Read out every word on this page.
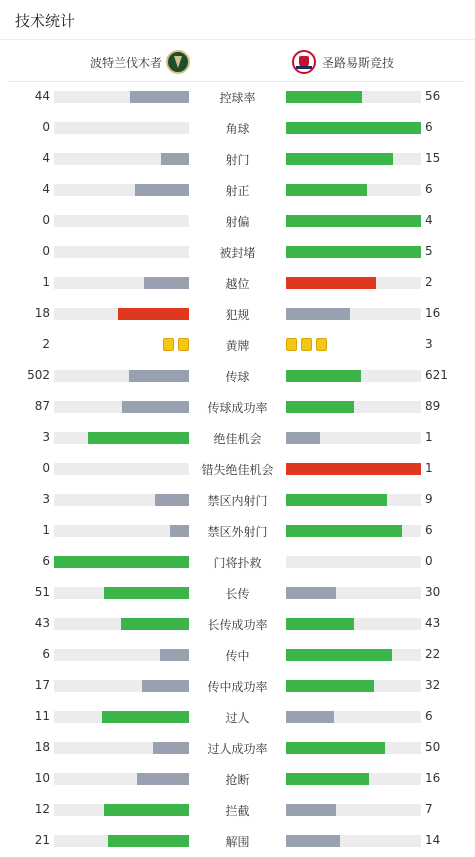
技术统计
波特兰伐木者	圣路易斯竞技
44	控球率	56
0	角球	6
4	射门	15
4	射正	6
0	射偏	4
0	被封堵	5
1	越位	2
18	犯规	16
2	黄牌	3
502	传球	621
87	传球成功率	89
3	绝佳机会	1
0	错失绝佳机会	1
3	禁区内射门	9
1	禁区外射门	6
6	门将扑救	0
51	长传	30
43	长传成功率	43
6	传中	22
17	传中成功率	32
11	过人	6
18	过人成功率	50
10	抢断	16
12	拦截	7
21	解围	14
